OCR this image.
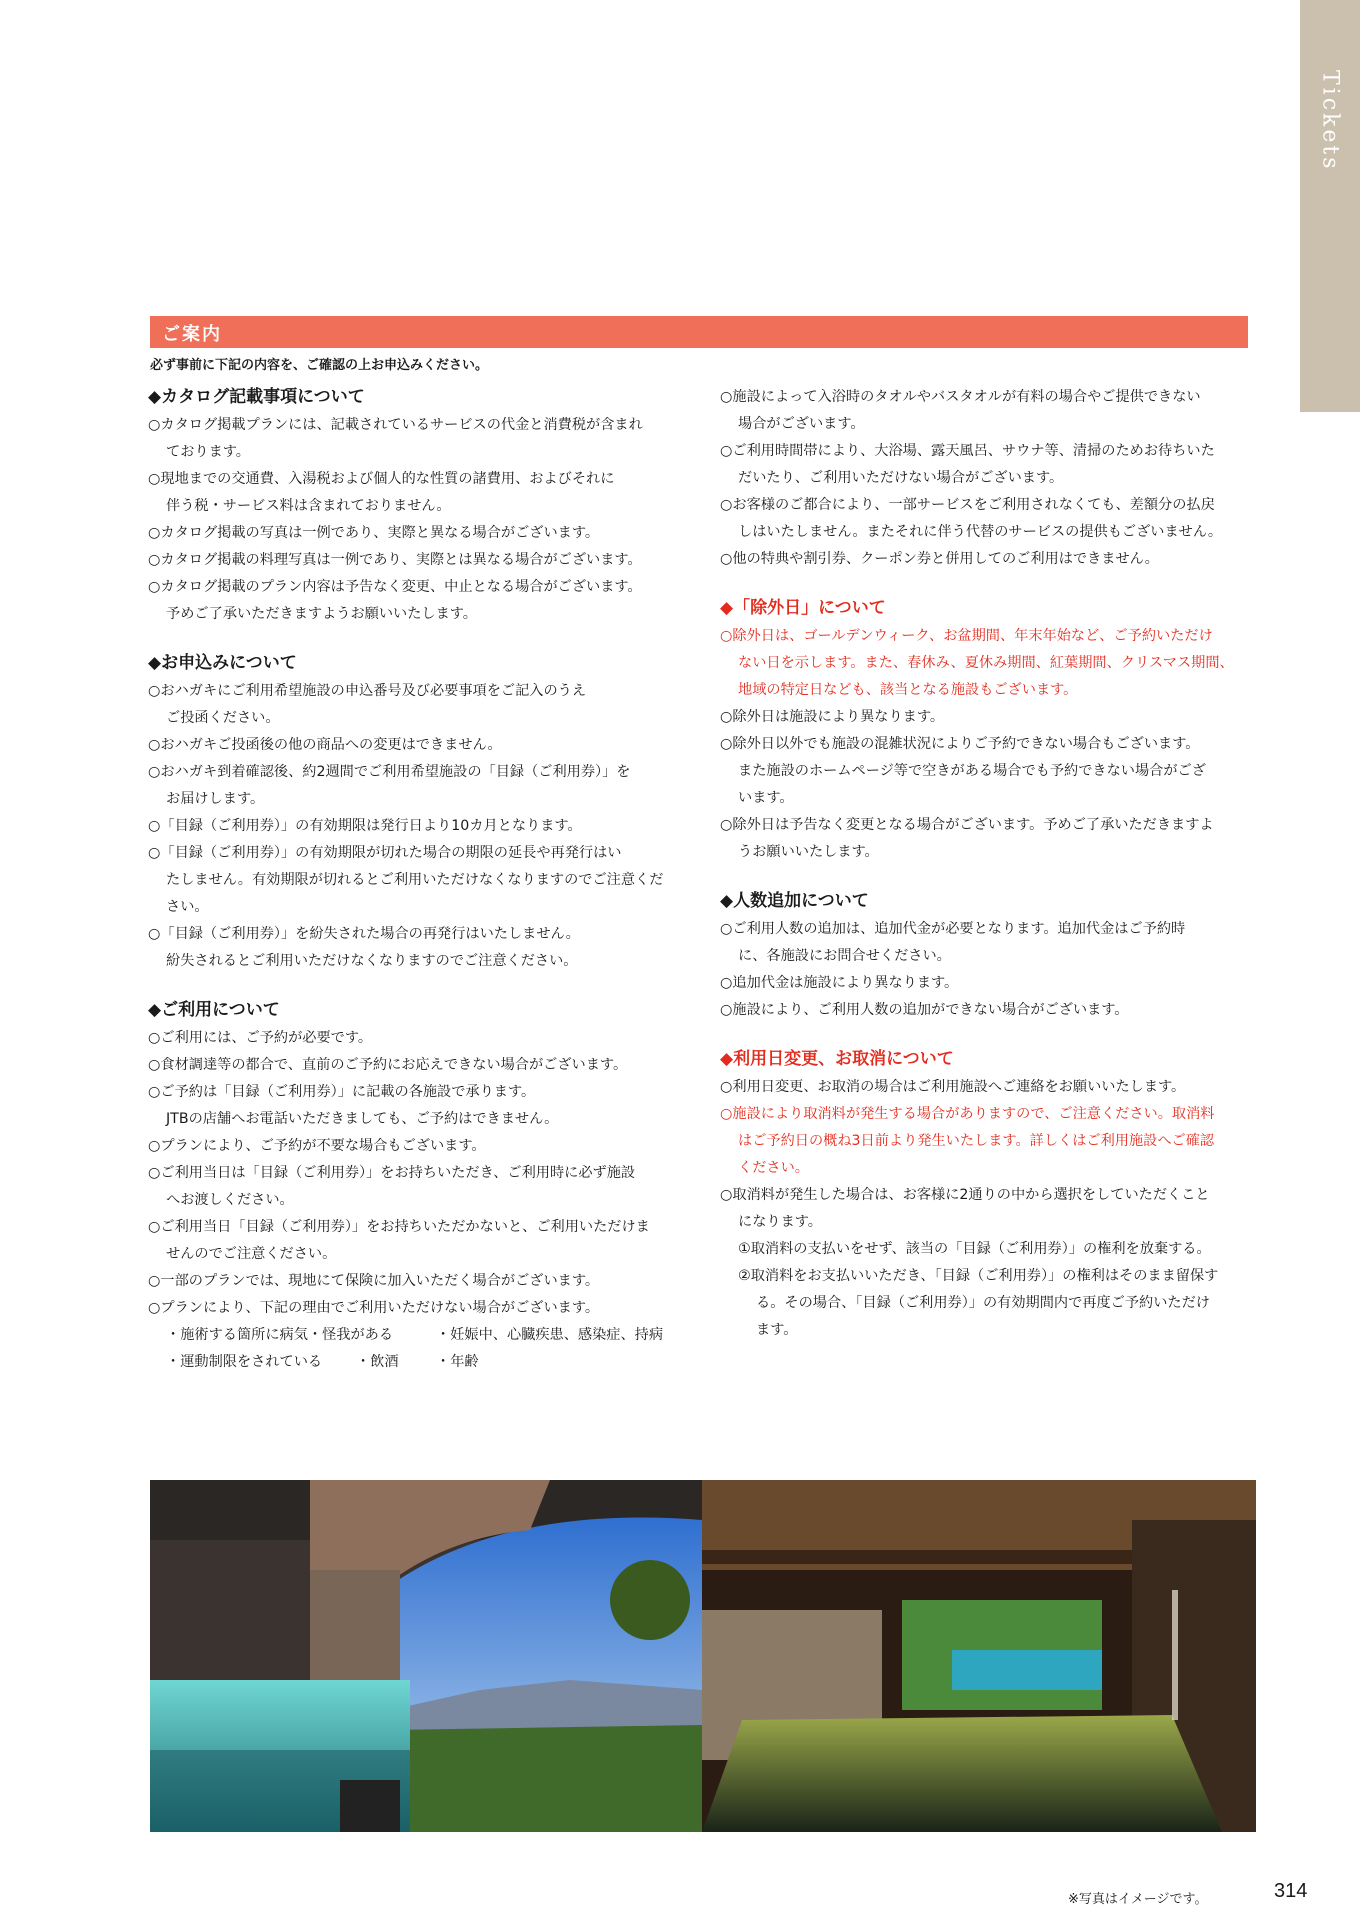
Tickets
ご案内
必ず事前に下記の内容を、ご確認の上お申込みください。
◆カタログ記載事項について
○カタログ掲載プランには、記載されているサービスの代金と消費税が含まれ
ております。
○現地までの交通費、入湯税および個人的な性質の諸費用、およびそれに
伴う税・サービス料は含まれておりません。
○カタログ掲載の写真は一例であり、実際と異なる場合がございます。
○カタログ掲載の料理写真は一例であり、実際とは異なる場合がございます。
○カタログ掲載のプラン内容は予告なく変更、中止となる場合がございます。
予めご了承いただきますようお願いいたします。
◆お申込みについて
○おハガキにご利用希望施設の申込番号及び必要事項をご記入のうえ
ご投函ください。
○おハガキご投函後の他の商品への変更はできません。
○おハガキ到着確認後、約2週間でご利用希望施設の「目録（ご利用券）」を
お届けします。
○「目録（ご利用券）」の有効期限は発行日より10カ月となります。
○「目録（ご利用券）」の有効期限が切れた場合の期限の延長や再発行はい
たしません。有効期限が切れるとご利用いただけなくなりますのでご注意くだ
さい。
○「目録（ご利用券）」を紛失された場合の再発行はいたしません。
紛失されるとご利用いただけなくなりますのでご注意ください。
◆ご利用について
○ご利用には、ご予約が必要です。
○食材調達等の都合で、直前のご予約にお応えできない場合がございます。
○ご予約は「目録（ご利用券）」に記載の各施設で承ります。
JTBの店舗へお電話いただきましても、ご予約はできません。
○プランにより、ご予約が不要な場合もございます。
○ご利用当日は「目録（ご利用券）」をお持ちいただき、ご利用時に必ず施設
へお渡しください。
○ご利用当日「目録（ご利用券）」をお持ちいただかないと、ご利用いただけま
せんのでご注意ください。
○一部のプランでは、現地にて保険に加入いただく場合がございます。
○プランにより、下記の理由でご利用いただけない場合がございます。
・施術する箇所に病気・怪我がある	・妊娠中、心臓疾患、感染症、持病
・運動制限をされている ・飲酒	・年齢
○施設によって入浴時のタオルやバスタオルが有料の場合やご提供できない
場合がございます。
○ご利用時間帯により、大浴場、露天風呂、サウナ等、清掃のためお待ちいた
だいたり、ご利用いただけない場合がございます。
○お客様のご都合により、一部サービスをご利用されなくても、差額分の払戻
しはいたしません。またそれに伴う代替のサービスの提供もございません。
○他の特典や割引券、クーポン券と併用してのご利用はできません。
◆「除外日」について
○除外日は、ゴールデンウィーク、お盆期間、年末年始など、ご予約いただけ
ない日を示します。また、春休み、夏休み期間、紅葉期間、クリスマス期間、
地域の特定日なども、該当となる施設もございます。
○除外日は施設により異なります。
○除外日以外でも施設の混雑状況によりご予約できない場合もございます。
また施設のホームページ等で空きがある場合でも予約できない場合がござ
います。
○除外日は予告なく変更となる場合がございます。予めご了承いただきますよ
うお願いいたします。
◆人数追加について
○ご利用人数の追加は、追加代金が必要となります。追加代金はご予約時
に、各施設にお問合せください。
○追加代金は施設により異なります。
○施設により、ご利用人数の追加ができない場合がございます。
◆利用日変更、お取消について
○利用日変更、お取消の場合はご利用施設へご連絡をお願いいたします。
○施設により取消料が発生する場合がありますので、ご注意ください。取消料
はご予約日の概ね3日前より発生いたします。詳しくはご利用施設へご確認
ください。
○取消料が発生した場合は、お客様に2通りの中から選択をしていただくこと
になります。
①取消料の支払いをせず、該当の「目録（ご利用券）」の権利を放棄する。
②取消料をお支払いいただき、「目録（ご利用券）」の権利はそのまま留保す
る。その場合、「目録（ご利用券）」の有効期間内で再度ご予約いただけ
ます。
※写真はイメージです。	314
